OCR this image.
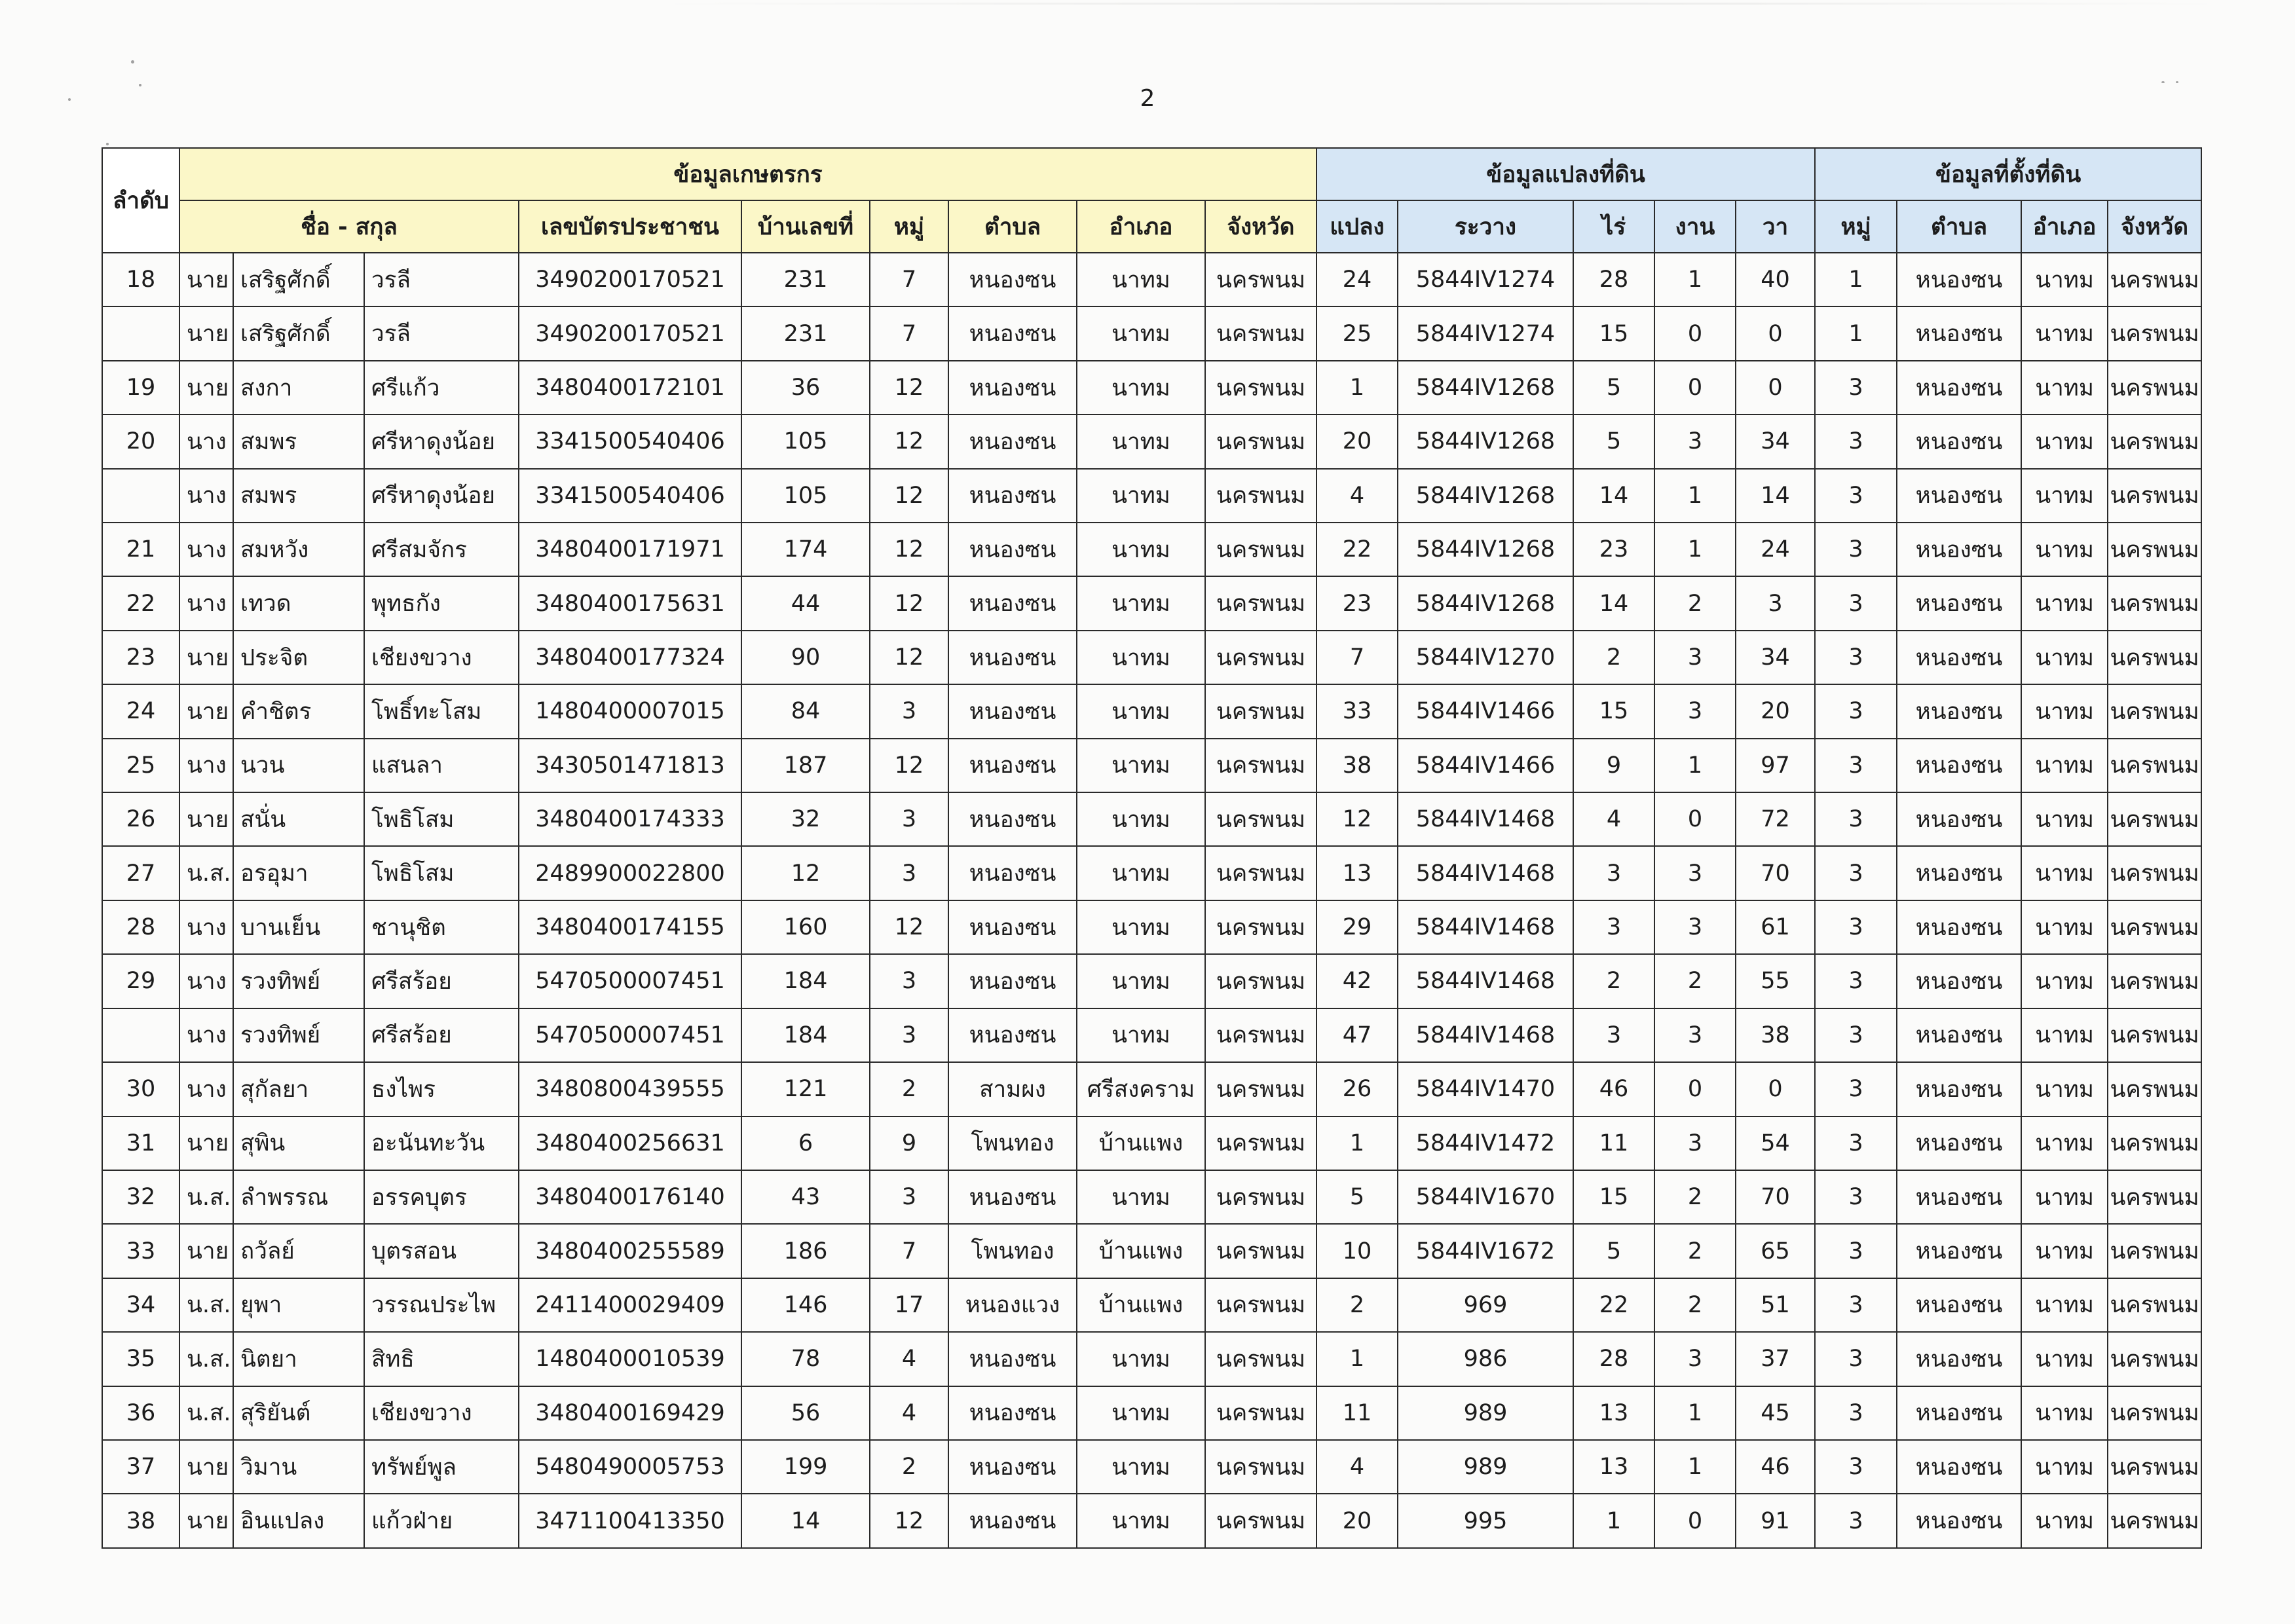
2
ลำดับ	ข้อมูลเกษตรกร									ข้อมูลแปลงที่ดิน					ข้อมูลที่ตั้งที่ดิน			
	ชื่อ - สกุล			เลขบัตรประชาชน	บ้านเลขที่	หมู่	ตำบล	อำเภอ	จังหวัด	แปลง	ระวาง	ไร่	งาน	วา	หมู่	ตำบล	อำเภอ	จังหวัด
18	นาย	เสริฐศักดิ์	วรลี	3490200170521	231	7	หนองซน	นาทม	นครพนม	24	5844IV1274	28	1	40	1	หนองซน	นาทม	นครพนม
	นาย	เสริฐศักดิ์	วรลี	3490200170521	231	7	หนองซน	นาทม	นครพนม	25	5844IV1274	15	0	0	1	หนองซน	นาทม	นครพนม
19	นาย	สงกา	ศรีแก้ว	3480400172101	36	12	หนองซน	นาทม	นครพนม	1	5844IV1268	5	0	0	3	หนองซน	นาทม	นครพนม
20	นาง	สมพร	ศรีหาดุงน้อย	3341500540406	105	12	หนองซน	นาทม	นครพนม	20	5844IV1268	5	3	34	3	หนองซน	นาทม	นครพนม
	นาง	สมพร	ศรีหาดุงน้อย	3341500540406	105	12	หนองซน	นาทม	นครพนม	4	5844IV1268	14	1	14	3	หนองซน	นาทม	นครพนม
21	นาง	สมหวัง	ศรีสมจักร	3480400171971	174	12	หนองซน	นาทม	นครพนม	22	5844IV1268	23	1	24	3	หนองซน	นาทม	นครพนม
22	นาง	เทวด	พุทธกัง	3480400175631	44	12	หนองซน	นาทม	นครพนม	23	5844IV1268	14	2	3	3	หนองซน	นาทม	นครพนม
23	นาย	ประจิต	เชียงขวาง	3480400177324	90	12	หนองซน	นาทม	นครพนม	7	5844IV1270	2	3	34	3	หนองซน	นาทม	นครพนม
24	นาย	คำชิตร	โพธิ์ทะโสม	1480400007015	84	3	หนองซน	นาทม	นครพนม	33	5844IV1466	15	3	20	3	หนองซน	นาทม	นครพนม
25	นาง	นวน	แสนลา	3430501471813	187	12	หนองซน	นาทม	นครพนม	38	5844IV1466	9	1	97	3	หนองซน	นาทม	นครพนม
26	นาย	สนั่น	โพธิโสม	3480400174333	32	3	หนองซน	นาทม	นครพนม	12	5844IV1468	4	0	72	3	หนองซน	นาทม	นครพนม
27	น.ส.	อรอุมา	โพธิโสม	2489900022800	12	3	หนองซน	นาทม	นครพนม	13	5844IV1468	3	3	70	3	หนองซน	นาทม	นครพนม
28	นาง	บานเย็น	ชานุชิต	3480400174155	160	12	หนองซน	นาทม	นครพนม	29	5844IV1468	3	3	61	3	หนองซน	นาทม	นครพนม
29	นาง	รวงทิพย์	ศรีสร้อย	5470500007451	184	3	หนองซน	นาทม	นครพนม	42	5844IV1468	2	2	55	3	หนองซน	นาทม	นครพนม
	นาง	รวงทิพย์	ศรีสร้อย	5470500007451	184	3	หนองซน	นาทม	นครพนม	47	5844IV1468	3	3	38	3	หนองซน	นาทม	นครพนม
30	นาง	สุกัลยา	ธงไพร	3480800439555	121	2	สามผง	ศรีสงคราม	นครพนม	26	5844IV1470	46	0	0	3	หนองซน	นาทม	นครพนม
31	นาย	สุพิน	อะนันทะวัน	3480400256631	6	9	โพนทอง	บ้านแพง	นครพนม	1	5844IV1472	11	3	54	3	หนองซน	นาทม	นครพนม
32	น.ส.	ลำพรรณ	อรรคบุตร	3480400176140	43	3	หนองซน	นาทม	นครพนม	5	5844IV1670	15	2	70	3	หนองซน	นาทม	นครพนม
33	นาย	ถวัลย์	บุตรสอน	3480400255589	186	7	โพนทอง	บ้านแพง	นครพนม	10	5844IV1672	5	2	65	3	หนองซน	นาทม	นครพนม
34	น.ส.	ยุพา	วรรณประไพ	2411400029409	146	17	หนองแวง	บ้านแพง	นครพนม	2	969	22	2	51	3	หนองซน	นาทม	นครพนม
35	น.ส.	นิตยา	สิทธิ	1480400010539	78	4	หนองซน	นาทม	นครพนม	1	986	28	3	37	3	หนองซน	นาทม	นครพนม
36	น.ส.	สุริยันต์	เชียงขวาง	3480400169429	56	4	หนองซน	นาทม	นครพนม	11	989	13	1	45	3	หนองซน	นาทม	นครพนม
37	นาย	วิมาน	ทรัพย์พูล	5480490005753	199	2	หนองซน	นาทม	นครพนม	4	989	13	1	46	3	หนองซน	นาทม	นครพนม
38	นาย	อินแปลง	แก้วฝ่าย	3471100413350	14	12	หนองซน	นาทม	นครพนม	20	995	1	0	91	3	หนองซน	นาทม	นครพนม
